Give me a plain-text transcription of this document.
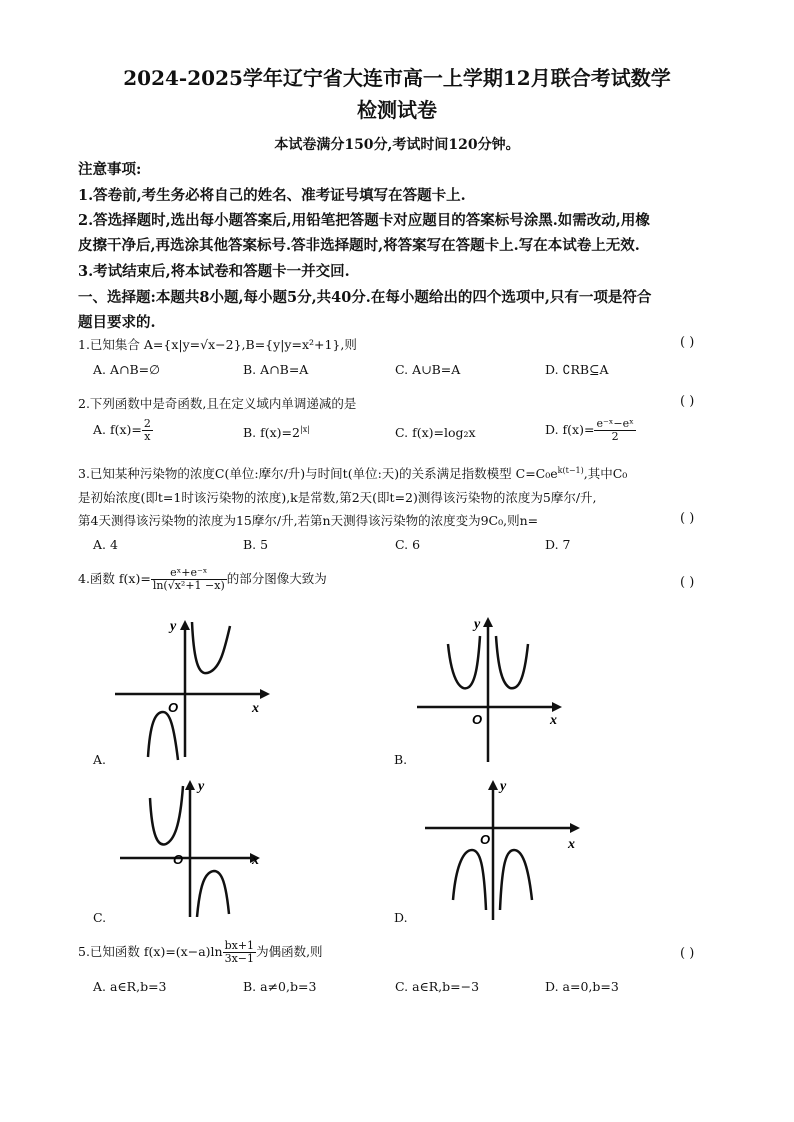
2024-2025学年辽宁省大连市高一上学期12月联合考试数学
检测试卷
本试卷满分150分,考试时间120分钟。
注意事项:
1.答卷前,考生务必将自己的姓名、准考证号填写在答题卡上.
2.答选择题时,选出每小题答案后,用铅笔把答题卡对应题目的答案标号涂黑.如需改动,用橡
皮擦干净后,再选涂其他答案标号.答非选择题时,将答案写在答题卡上.写在本试卷上无效.
3.考试结束后,将本试卷和答题卡一并交回.
一、选择题:本题共8小题,每小题5分,共40分.在每小题给出的四个选项中,只有一项是符合
题目要求的.
1.已知集合 A={x|y=√x−2},B={y|y=x²+1},则	( )
A. A∩B=∅	B. A∩B=A	C. A∪B=A	D. ∁RB⊆A
2.下列函数中是奇函数,且在定义域内单调递减的是	( )
A. $f(x)= \frac{2}{x}$	B. $f(x)=2^{|x|}$	C. f(x)=log₂x	D. $f(x)= \frac{\text{e⁻ˣ−eˣ}}{2}$
3.已知某种污染物的浓度C(单位:摩尔/升)与时间t(单位:天)的关系满足指数模型 $C=C_0e^{k(t-1)}$,其中C₀
是初始浓度(即t=1时该污染物的浓度),k是常数,第2天(即t=2)测得该污染物的浓度为5摩尔/升,
第4天测得该污染物的浓度为15摩尔/升,若第n天测得该污染物的浓度变为9C₀,则n=	( )
A. 4	B. 5	C. 6	D. 7
4.函数 $f(x)= \frac{\text{eˣ+e⁻ˣ}}{\text{ln(√x²+1 −x)}}$ 的部分图像大致为	( )
y
x
O
A.
y
x
O
B.
y
x
O
C.
y
x
O
D.
5.已知函数 $f(x)=(x-a)\ln \frac{bx+1}{3x-1}$ 为偶函数,则	( )
A. a∈R,b=3	B. a≠0,b=3	C. a∈R,b=−3	D. a=0,b=3
